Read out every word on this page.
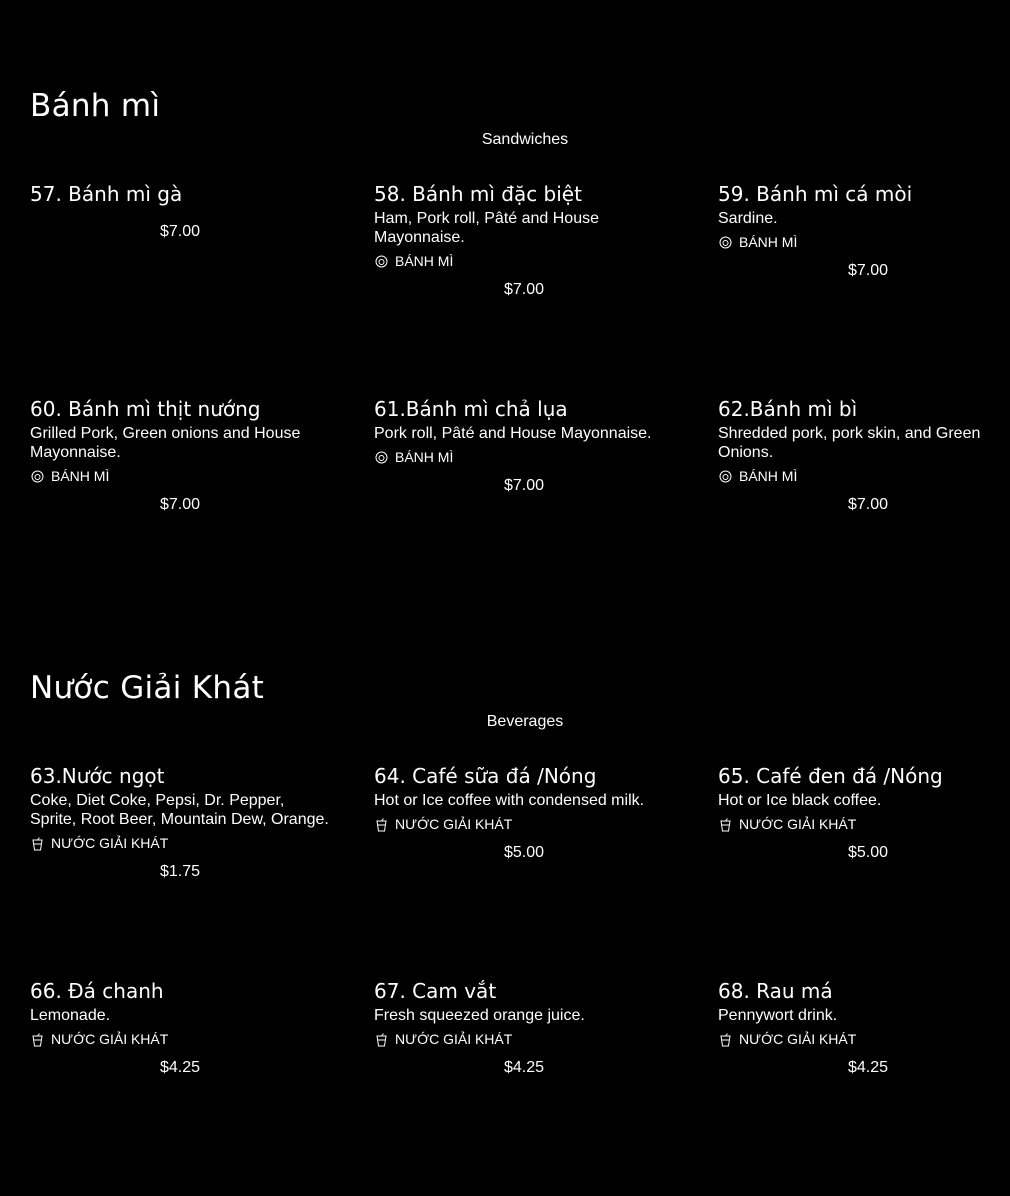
Bánh mì
Sandwiches
57. Bánh mì gà
$7.00
58. Bánh mì đặc biệt
Ham, Pork roll, Pâté and House Mayonnaise.
BÁNH MÌ
$7.00
59. Bánh mì cá mòi
Sardine.
BÁNH MÌ
$7.00
60. Bánh mì thịt nướng
Grilled Pork, Green onions and House Mayonnaise.
BÁNH MÌ
$7.00
61.Bánh mì chả lụa
Pork roll, Pâté and House Mayonnaise.
BÁNH MÌ
$7.00
62.Bánh mì bì
Shredded pork, pork skin, and Green Onions.
BÁNH MÌ
$7.00
Nước Giải Khát
Beverages
63.Nước ngọt
Coke, Diet Coke, Pepsi, Dr. Pepper, Sprite, Root Beer, Mountain Dew, Orange.
NƯỚC GIẢI KHÁT
$1.75
64. Café sữa đá /Nóng
Hot or Ice coffee with condensed milk.
NƯỚC GIẢI KHÁT
$5.00
65. Café đen đá /Nóng
Hot or Ice black coffee.
NƯỚC GIẢI KHÁT
$5.00
66. Đá chanh
Lemonade.
NƯỚC GIẢI KHÁT
$4.25
67. Cam vắt
Fresh squeezed orange juice.
NƯỚC GIẢI KHÁT
$4.25
68. Rau má
Pennywort drink.
NƯỚC GIẢI KHÁT
$4.25
